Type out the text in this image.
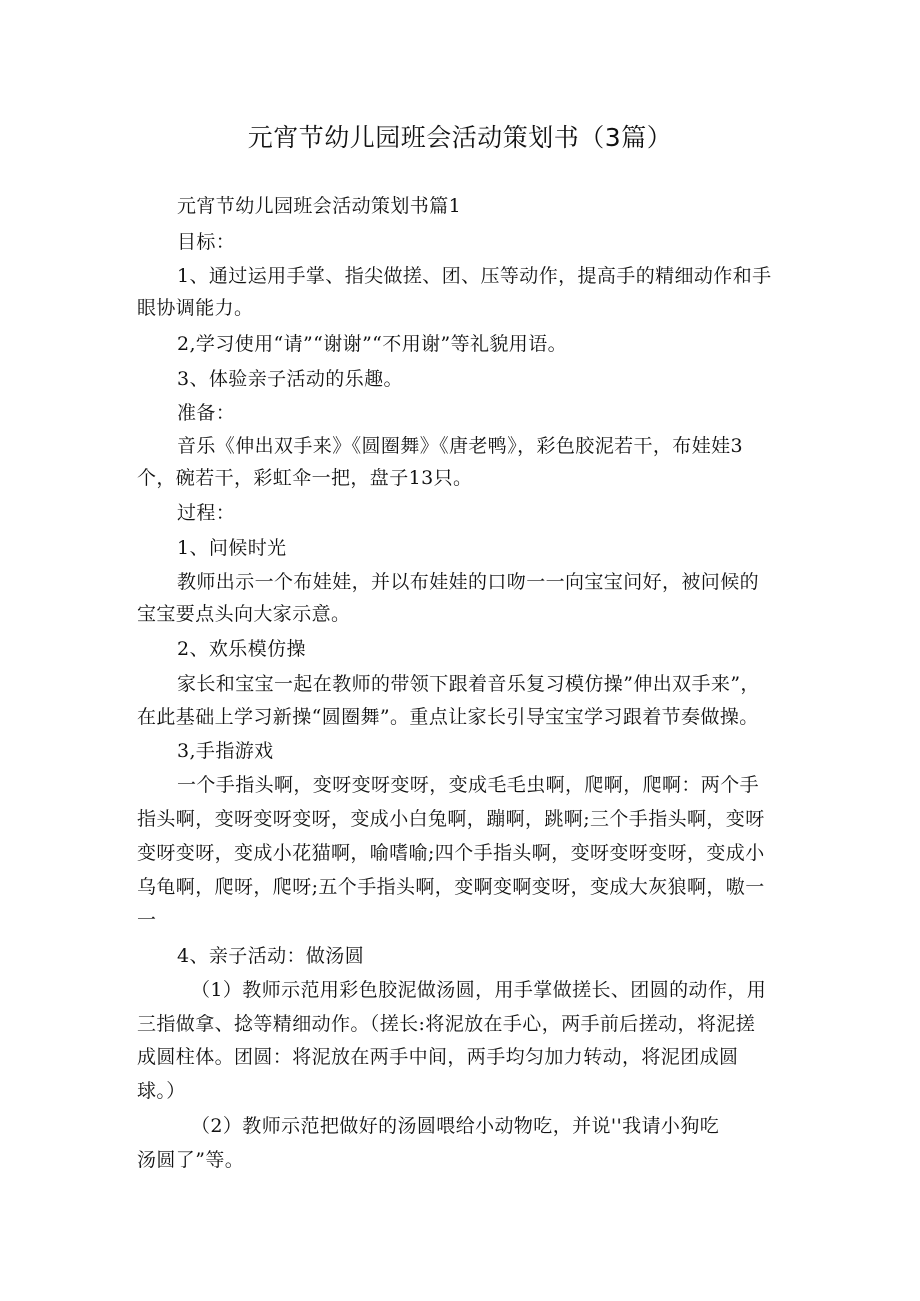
元宵节幼儿园班会活动策划书（3篇）

元宵节幼儿园班会活动策划书篇1

目标：

1、通过运用手掌、指尖做搓、团、压等动作，提高手的精细动作和手

眼协调能力。

2,学习使用“请”“谢谢”“不用谢”等礼貌用语。

3、体验亲子活动的乐趣。

准备：

音乐《伸出双手来》《圆圈舞》《唐老鸭》，彩色胶泥若干，布娃娃3

个，碗若干，彩虹伞一把，盘子13只。

过程：

1、问候时光

教师出示一个布娃娃，并以布娃娃的口吻一一向宝宝问好，被问候的

宝宝要点头向大家示意。

2、欢乐模仿操

家长和宝宝一起在教师的带领下跟着音乐复习模仿操”伸出双手来”，

在此基础上学习新操“圆圈舞”。重点让家长引导宝宝学习跟着节奏做操。

3,手指游戏

一个手指头啊，变呀变呀变呀，变成毛毛虫啊，爬啊，爬啊：两个手

指头啊，变呀变呀变呀，变成小白兔啊，蹦啊，跳啊;三个手指头啊，变呀

变呀变呀，变成小花猫啊，喻嗜喻;四个手指头啊，变呀变呀变呀，变成小

乌龟啊，爬呀，爬呀;五个手指头啊，变啊变啊变呀，变成大灰狼啊，嗷一

一

4、亲子活动：做汤圆

（1）教师示范用彩色胶泥做汤圆，用手掌做搓长、团圆的动作，用

三指做拿、捻等精细动作。（搓长:将泥放在手心，两手前后搓动，将泥搓

成圆柱体。团圆：将泥放在两手中间，两手均匀加力转动，将泥团成圆

球。）

（2）教师示范把做好的汤圆喂给小动物吃，并说''我请小狗吃

汤圆了”等。
